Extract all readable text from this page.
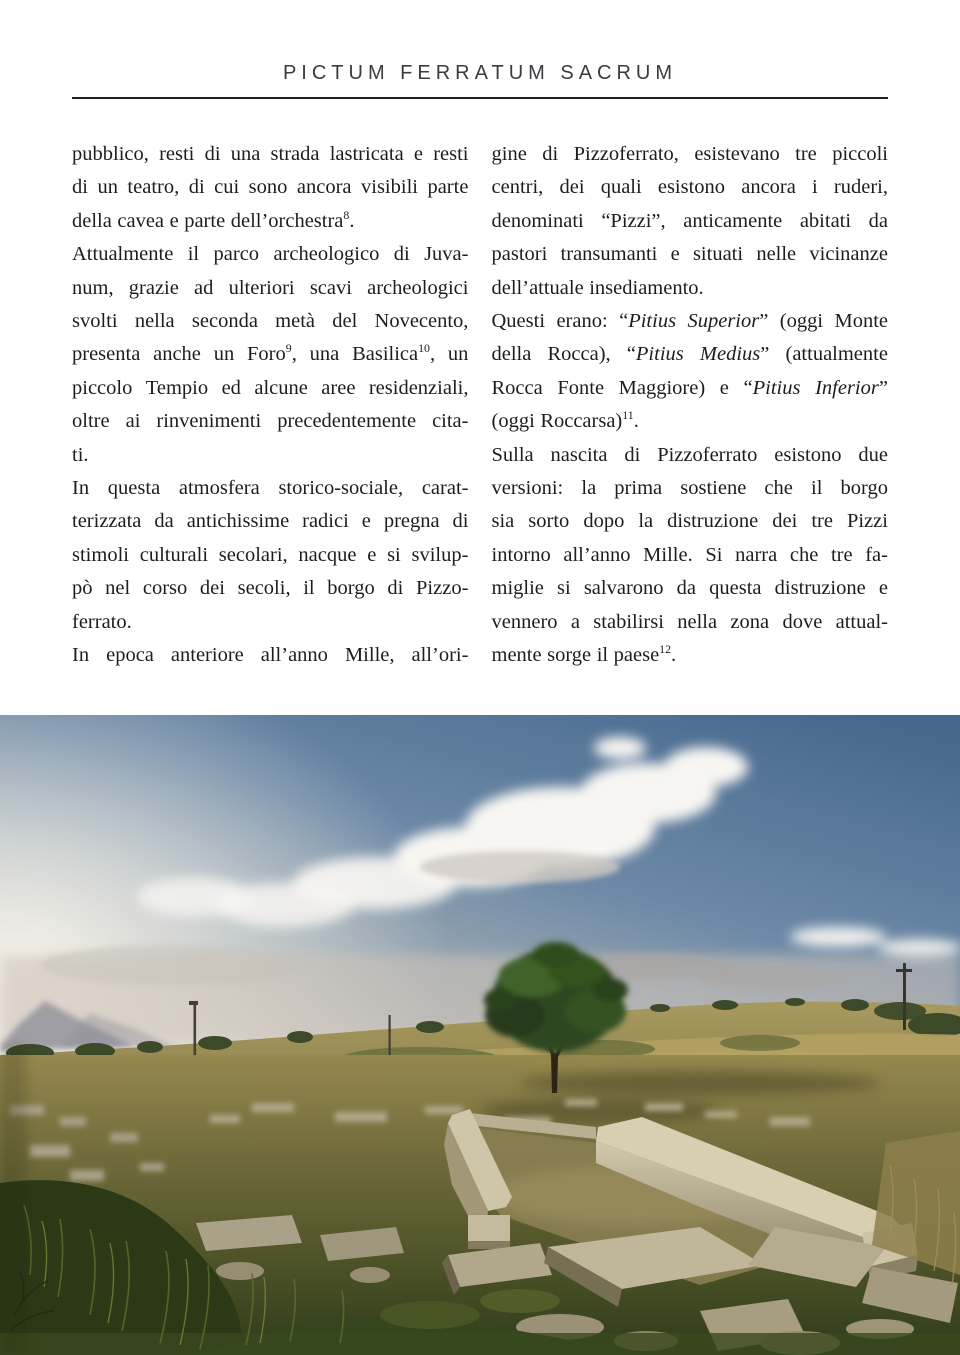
PICTUM FERRATUM SACRUM
pubblico, resti di una strada lastricata e resti
di un teatro, di cui sono ancora visibili parte
della cavea e parte dell’orchestra$^8$.
Attualmente il parco archeologico di Juva-
num, grazie ad ulteriori scavi archeologici
svolti nella seconda metà del Novecento,
presenta anche un Foro$^9$, una Basilica$^{10}$, un
piccolo Tempio ed alcune aree residenziali,
oltre ai rinvenimenti precedentemente cita-
ti.
In questa atmosfera storico-sociale, carat-
terizzata da antichissime radici e pregna di
stimoli culturali secolari, nacque e si svilup-
pò nel corso dei secoli, il borgo di Pizzo-
ferrato.
In epoca anteriore all’anno Mille, all’ori-
gine di Pizzoferrato, esistevano tre piccoli
centri, dei quali esistono ancora i ruderi,
denominati “Pizzi”, anticamente abitati da
pastori transumanti e situati nelle vicinanze
dell’attuale insediamento.
Questi erano: “Pitius Superior” (oggi Monte
della Rocca), “Pitius Medius” (attualmente
Rocca Fonte Maggiore) e “Pitius Inferior”
(oggi Roccarsa)$^{11}$.
Sulla nascita di Pizzoferrato esistono due
versioni: la prima sostiene che il borgo
sia sorto dopo la distruzione dei tre Pizzi
intorno all’anno Mille. Si narra che tre fa-
miglie si salvarono da questa distruzione e
vennero a stabilirsi nella zona dove attual-
mente sorge il paese$^{12}$.
